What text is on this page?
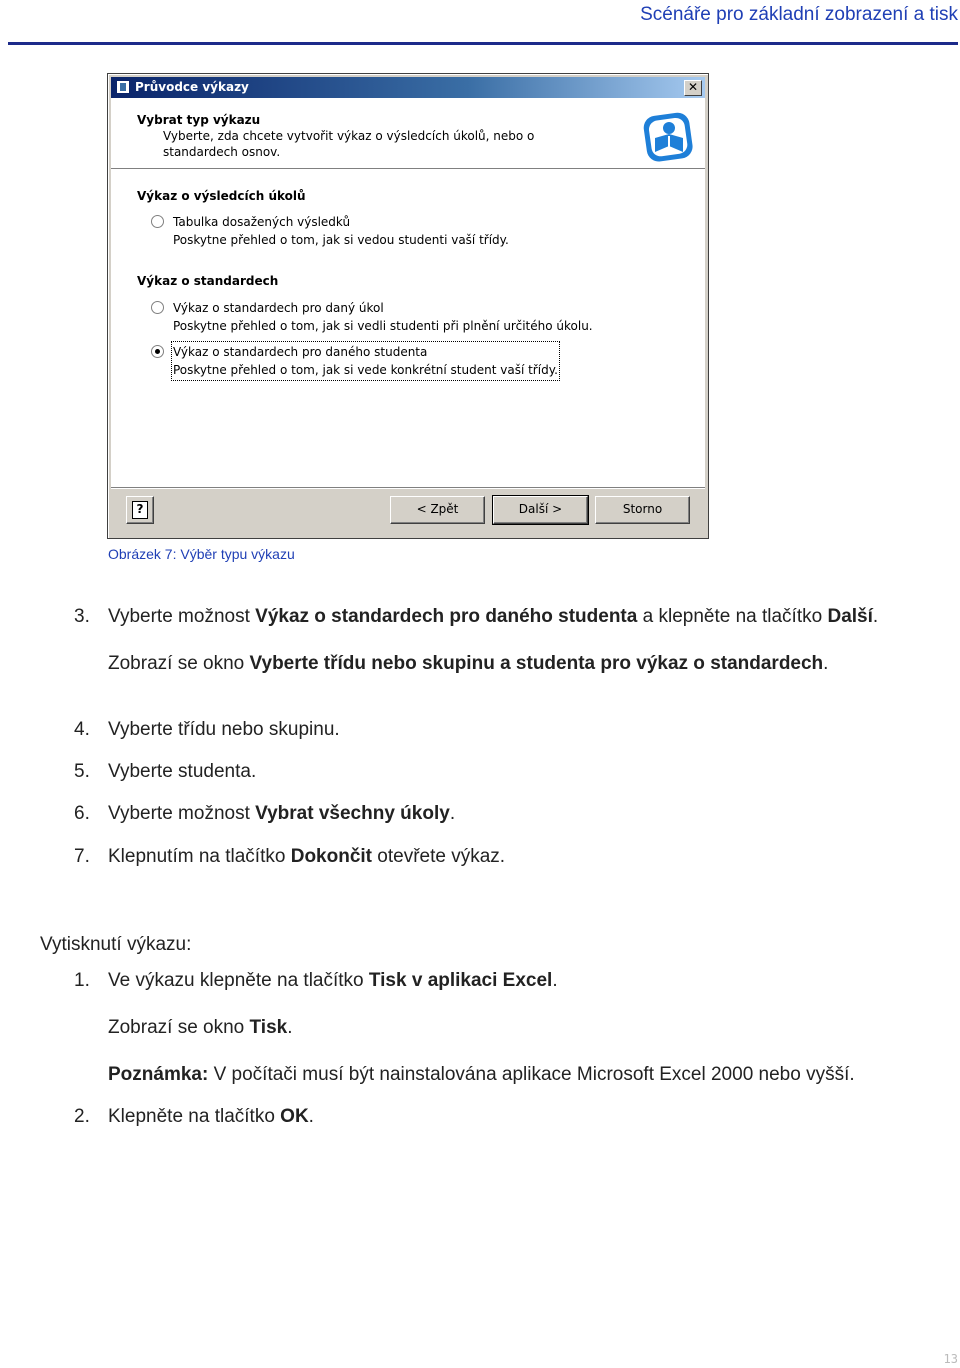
Scénáře pro základní zobrazení a tisk
Průvodce výkazy	✕
Vybrat typ výkazu
Vyberte, zda chcete vytvořit výkaz o výsledcích úkolů, nebo o standardech osnov.
Výkaz o výsledcích úkolů
Tabulka dosažených výsledků
Poskytne přehled o tom, jak si vedou studenti vaší třídy.
Výkaz o standardech
Výkaz o standardech pro daný úkol
Poskytne přehled o tom, jak si vedli studenti při plnění určitého úkolu.
Výkaz o standardech pro daného studenta
Poskytne přehled o tom, jak si vede konkrétní student vaší třídy.
?	< Zpět	Další >	Storno
Obrázek 7: Výběr typu výkazu
3. Vyberte možnost Výkaz o standardech pro daného studenta a klepněte na tlačítko Další.
Zobrazí se okno Vyberte třídu nebo skupinu a studenta pro výkaz o standardech.
4. Vyberte třídu nebo skupinu.
5. Vyberte studenta.
6. Vyberte možnost Vybrat všechny úkoly.
7. Klepnutím na tlačítko Dokončit otevřete výkaz.
Vytisknutí výkazu:
1. Ve výkazu klepněte na tlačítko Tisk v aplikaci Excel.
Zobrazí se okno Tisk.
Poznámka: V počítači musí být nainstalována aplikace Microsoft Excel 2000 nebo vyšší.
2. Klepněte na tlačítko OK.
13
